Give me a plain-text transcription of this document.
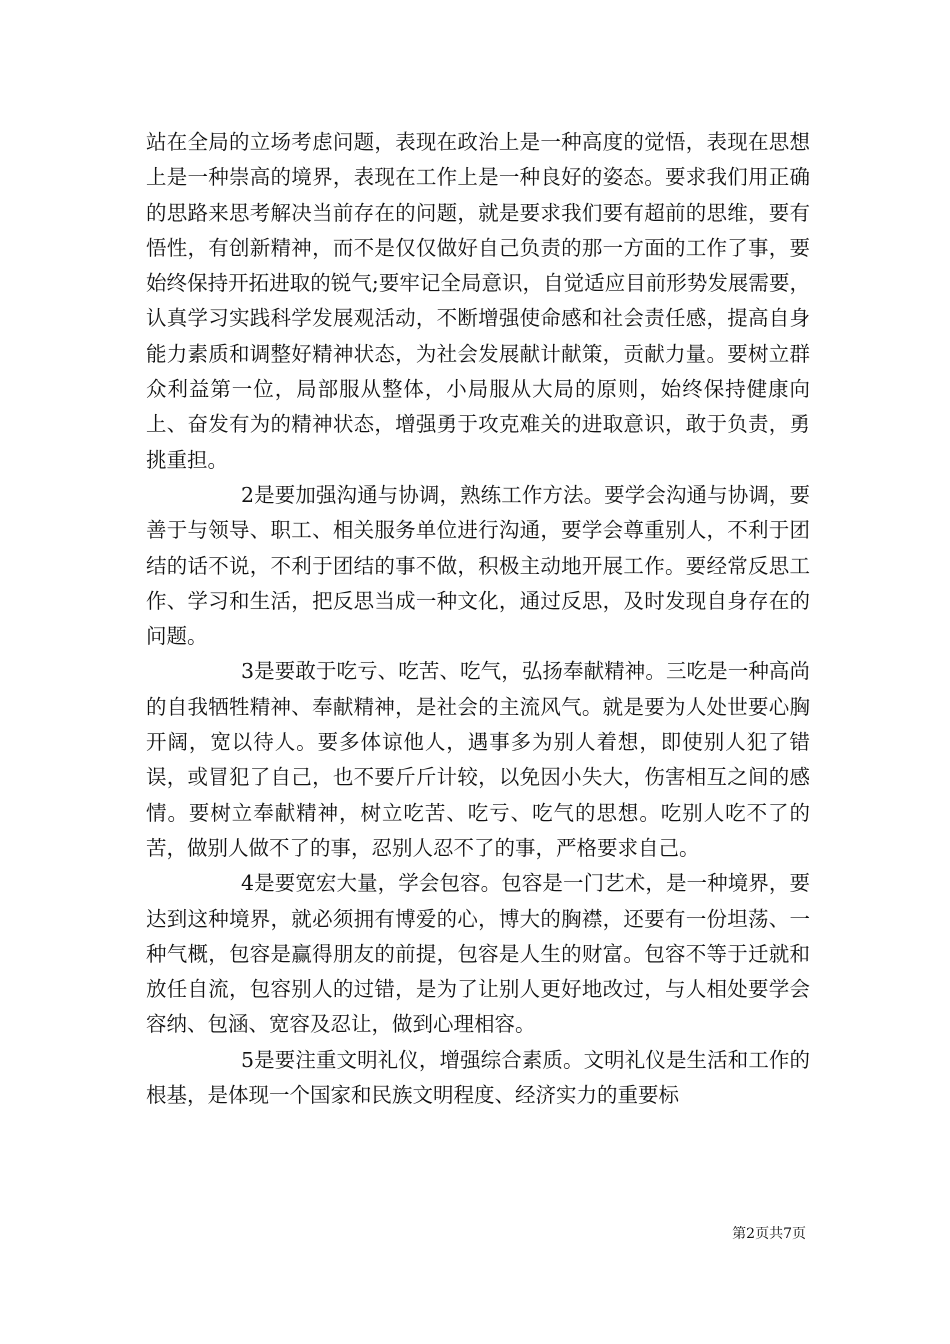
站在全局的立场考虑问题，表现在政治上是一种高度的觉悟，表现在思想上是一种崇高的境界，表现在工作上是一种良好的姿态。要求我们用正确的思路来思考解决当前存在的问题，就是要求我们要有超前的思维，要有悟性，有创新精神，而不是仅仅做好自己负责的那一方面的工作了事，要始终保持开拓进取的锐气;要牢记全局意识，自觉适应目前形势发展需要，认真学习实践科学发展观活动，不断增强使命感和社会责任感，提高自身能力素质和调整好精神状态，为社会发展献计献策，贡献力量。要树立群众利益第一位，局部服从整体，小局服从大局的原则，始终保持健康向上、奋发有为的精神状态，增强勇于攻克难关的进取意识，敢于负责，勇挑重担。

2是要加强沟通与协调，熟练工作方法。要学会沟通与协调，要善于与领导、职工、相关服务单位进行沟通，要学会尊重别人，不利于团结的话不说，不利于团结的事不做，积极主动地开展工作。要经常反思工作、学习和生活，把反思当成一种文化，通过反思，及时发现自身存在的问题。

3是要敢于吃亏、吃苦、吃气，弘扬奉献精神。三吃是一种高尚的自我牺牲精神、奉献精神，是社会的主流风气。就是要为人处世要心胸开阔，宽以待人。要多体谅他人，遇事多为别人着想，即使别人犯了错误，或冒犯了自己，也不要斤斤计较，以免因小失大，伤害相互之间的感情。要树立奉献精神，树立吃苦、吃亏、吃气的思想。吃别人吃不了的苦，做别人做不了的事，忍别人忍不了的事，严格要求自己。

4是要宽宏大量，学会包容。包容是一门艺术，是一种境界，要达到这种境界，就必须拥有博爱的心，博大的胸襟，还要有一份坦荡、一种气概，包容是赢得朋友的前提，包容是人生的财富。包容不等于迁就和放任自流，包容别人的过错，是为了让别人更好地改过，与人相处要学会容纳、包涵、宽容及忍让，做到心理相容。

5是要注重文明礼仪，增强综合素质。文明礼仪是生活和工作的根基，是体现一个国家和民族文明程度、经济实力的重要标

第2页共7页
